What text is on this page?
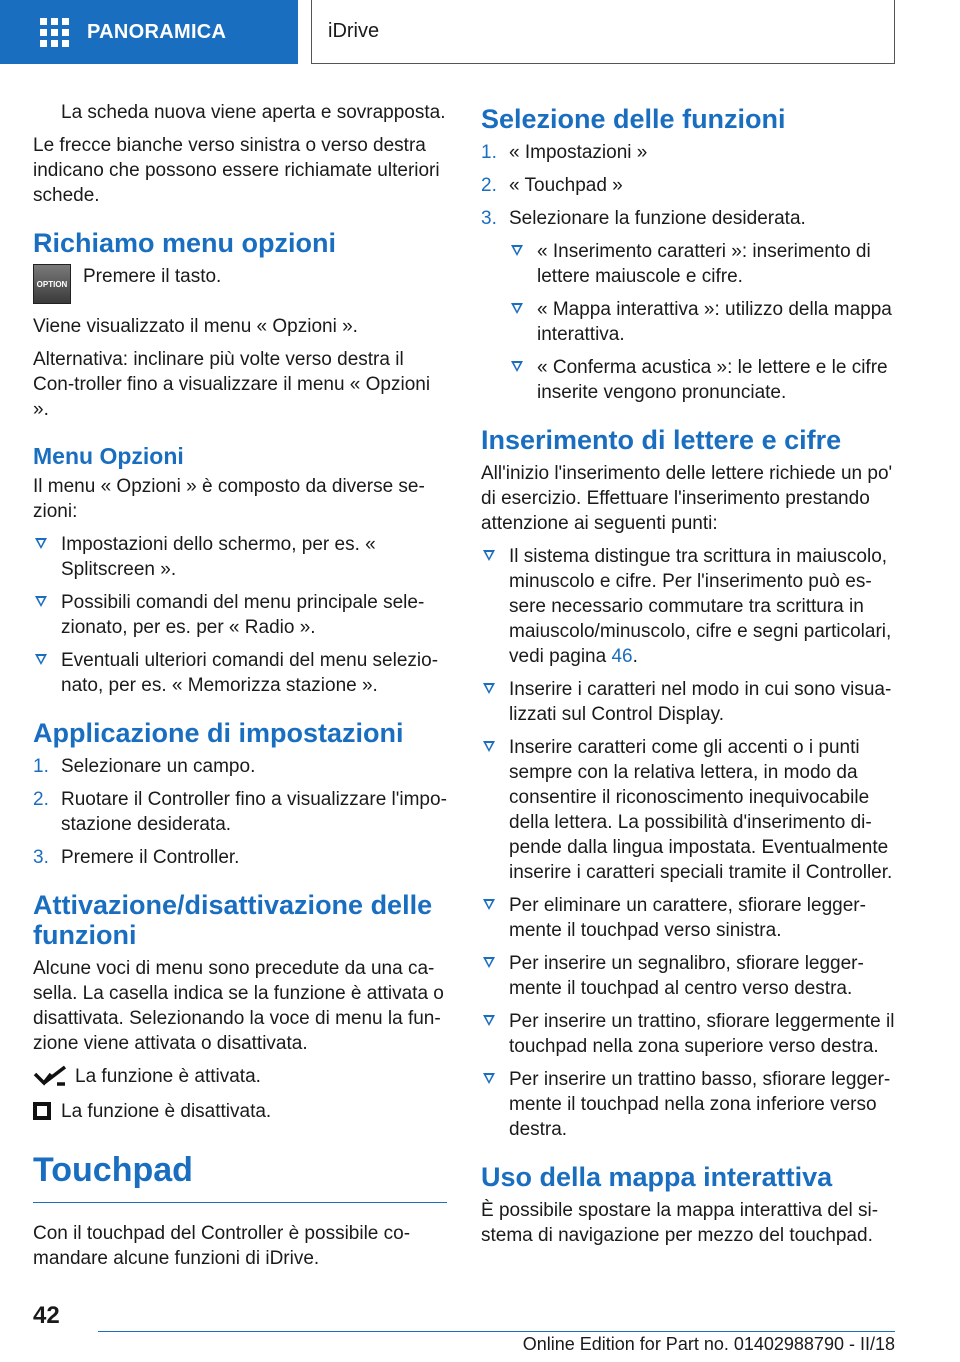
PANORAMICA	iDrive

La scheda nuova viene aperta e sovrapposta.

Le frecce bianche verso sinistra o verso destra indicano che possono essere richiamate ulteriori schede.

Richiamo menu opzioni
OPTION Premere il tasto.

Viene visualizzato il menu « Opzioni ».

Alternativa: inclinare più volte verso destra il Con-troller fino a visualizzare il menu « Opzioni ».

Menu Opzioni

Il menu « Opzioni » è composto da diverse se-zioni:

Impostazioni dello schermo, per es. « Splitscreen ».
Possibili comandi del menu principale sele-zionato, per es. per « Radio ».
Eventuali ulteriori comandi del menu selezio-nato, per es. « Memorizza stazione ».
Applicazione di impostazioni
1. Selezionare un campo.
2. Ruotare il Controller fino a visualizzare l'impo-stazione desiderata.
3. Premere il Controller.
Attivazione/disattivazione delle funzioni

Alcune voci di menu sono precedute da una ca-sella. La casella indica se la funzione è attivata o disattivata. Selezionando la voce di menu la fun-zione viene attivata o disattivata.

La funzione è attivata.
La funzione è disattivata.
Touchpad

Con il touchpad del Controller è possibile co-mandare alcune funzioni di iDrive.

Selezione delle funzioni
1. « Impostazioni »
2. « Touchpad »
3. Selezionare la funzione desiderata.
« Inserimento caratteri »: inserimento di lettere maiuscole e cifre.
« Mappa interattiva »: utilizzo della mappa interattiva.
« Conferma acustica »: le lettere e le cifre inserite vengono pronunciate.
Inserimento di lettere e cifre

All'inizio l'inserimento delle lettere richiede un po' di esercizio. Effettuare l'inserimento prestando attenzione ai seguenti punti:

Il sistema distingue tra scrittura in maiuscolo, minuscolo e cifre. Per l'inserimento può es-sere necessario commutare tra scrittura in maiuscolo/minuscolo, cifre e segni particolari, vedi pagina 46.
Inserire i caratteri nel modo in cui sono visua-lizzati sul Control Display.
Inserire caratteri come gli accenti o i punti sempre con la relativa lettera, in modo da consentire il riconoscimento inequivocabile della lettera. La possibilità d'inserimento di-pende dalla lingua impostata. Eventualmente inserire i caratteri speciali tramite il Controller.
Per eliminare un carattere, sfiorare legger-mente il touchpad verso sinistra.
Per inserire un segnalibro, sfiorare legger-mente il touchpad al centro verso destra.
Per inserire un trattino, sfiorare leggermente il touchpad nella zona superiore verso destra.
Per inserire un trattino basso, sfiorare legger-mente il touchpad nella zona inferiore verso destra.
Uso della mappa interattiva

È possibile spostare la mappa interattiva del si-stema di navigazione per mezzo del touchpad.

42
Online Edition for Part no. 01402988790 - II/18
